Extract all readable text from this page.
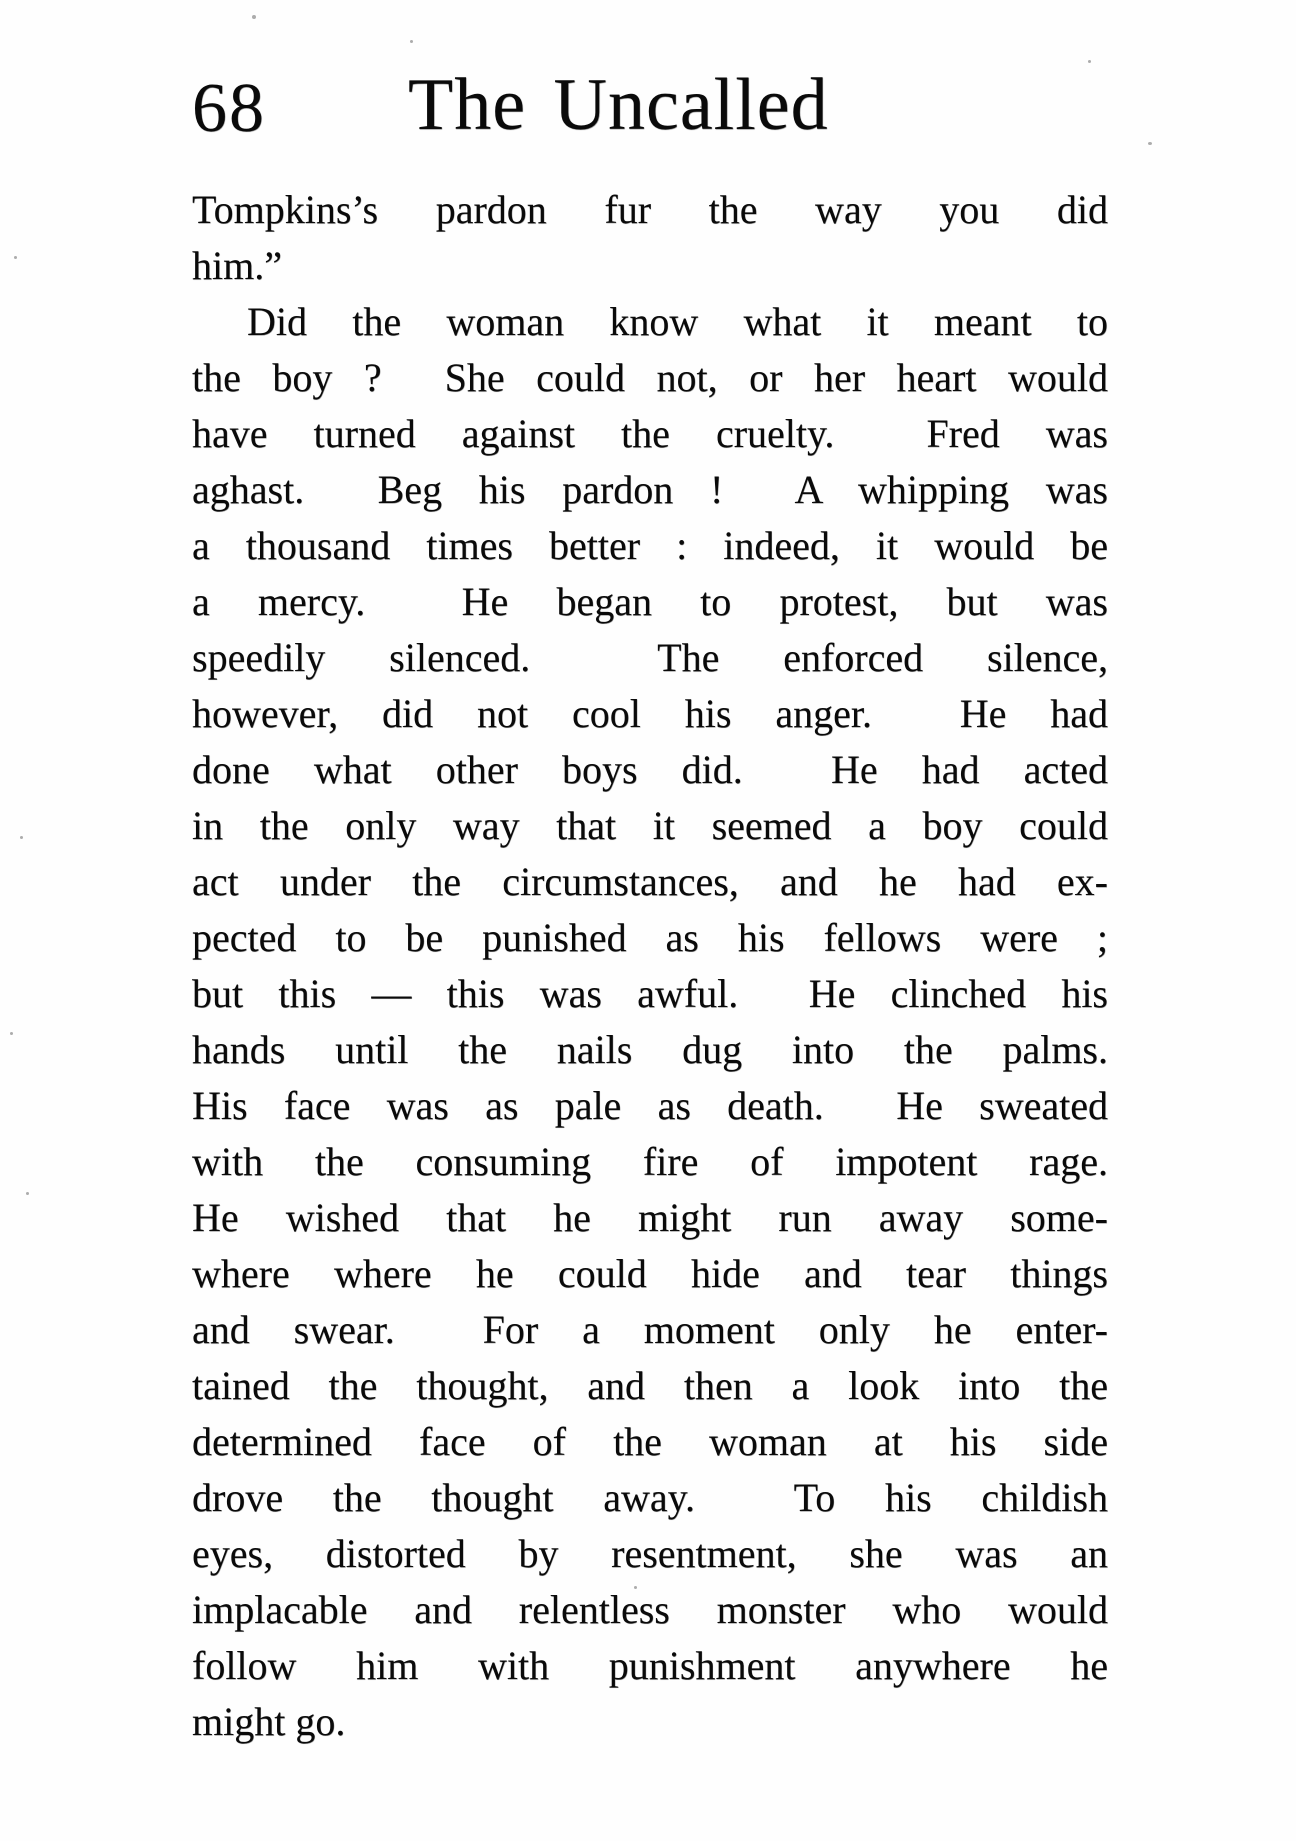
68 The Uncalled
Tompkins’s pardon fur the way you did
him.”
Did the woman know what it meant to
the boy ?  She could not, or her heart would
have turned against the cruelty.  Fred was
aghast.  Beg his pardon !  A whipping was
a thousand times better : indeed, it would be
a mercy.  He began to protest, but was
speedily silenced.  The enforced silence,
however, did not cool his anger.  He had
done what other boys did.  He had acted
in the only way that it seemed a boy could
act under the circumstances, and he had ex-
pected to be punished as his fellows were ;
but this — this was awful.  He clinched his
hands until the nails dug into the palms.
His face was as pale as death.  He sweated
with the consuming fire of impotent rage.
He wished that he might run away some-
where where he could hide and tear things
and swear.  For a moment only he enter-
tained the thought, and then a look into the
determined face of the woman at his side
drove the thought away.  To his childish
eyes, distorted by resentment, she was an
implacable and relentless monster who would
follow him with punishment anywhere he
might go.
